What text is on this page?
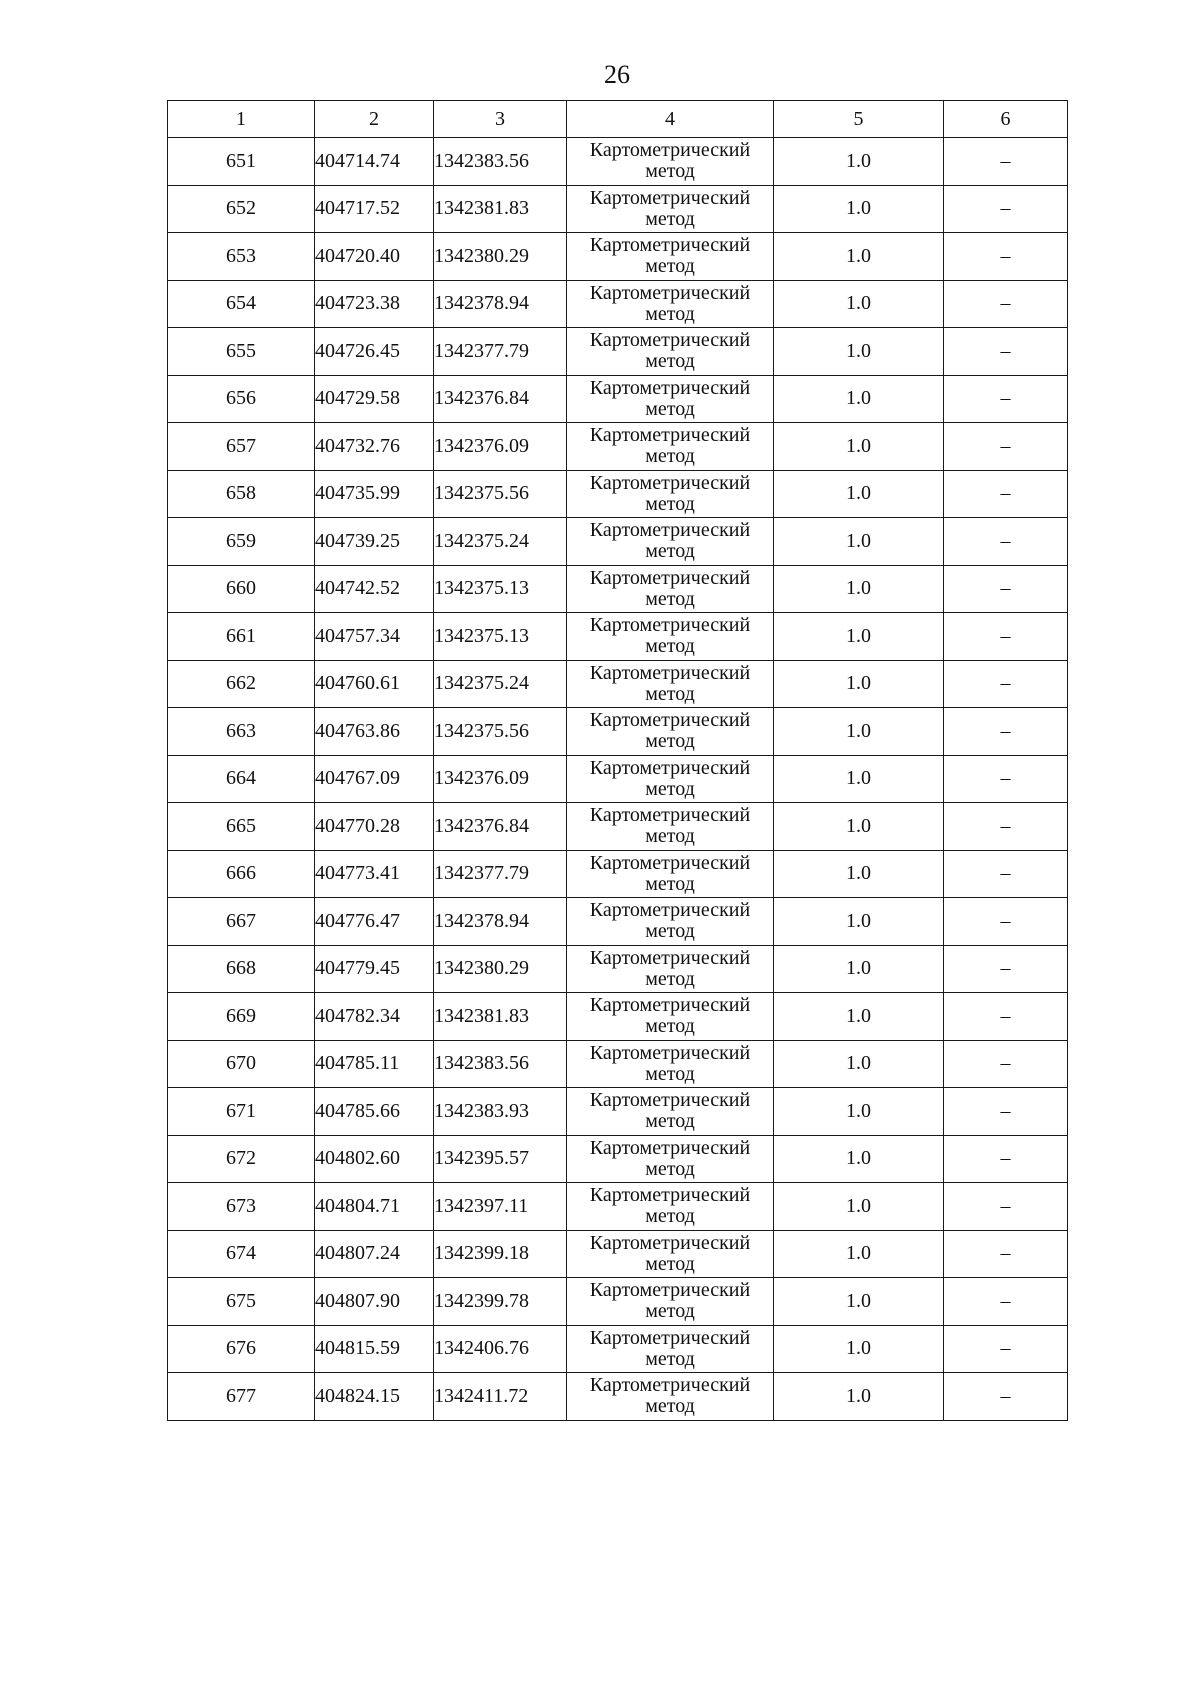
26
1	2	3	4	5	6
651	404714.74	1342383.56	Картометрический метод	1.0	–
652	404717.52	1342381.83	Картометрический метод	1.0	–
653	404720.40	1342380.29	Картометрический метод	1.0	–
654	404723.38	1342378.94	Картометрический метод	1.0	–
655	404726.45	1342377.79	Картометрический метод	1.0	–
656	404729.58	1342376.84	Картометрический метод	1.0	–
657	404732.76	1342376.09	Картометрический метод	1.0	–
658	404735.99	1342375.56	Картометрический метод	1.0	–
659	404739.25	1342375.24	Картометрический метод	1.0	–
660	404742.52	1342375.13	Картометрический метод	1.0	–
661	404757.34	1342375.13	Картометрический метод	1.0	–
662	404760.61	1342375.24	Картометрический метод	1.0	–
663	404763.86	1342375.56	Картометрический метод	1.0	–
664	404767.09	1342376.09	Картометрический метод	1.0	–
665	404770.28	1342376.84	Картометрический метод	1.0	–
666	404773.41	1342377.79	Картометрический метод	1.0	–
667	404776.47	1342378.94	Картометрический метод	1.0	–
668	404779.45	1342380.29	Картометрический метод	1.0	–
669	404782.34	1342381.83	Картометрический метод	1.0	–
670	404785.11	1342383.56	Картометрический метод	1.0	–
671	404785.66	1342383.93	Картометрический метод	1.0	–
672	404802.60	1342395.57	Картометрический метод	1.0	–
673	404804.71	1342397.11	Картометрический метод	1.0	–
674	404807.24	1342399.18	Картометрический метод	1.0	–
675	404807.90	1342399.78	Картометрический метод	1.0	–
676	404815.59	1342406.76	Картометрический метод	1.0	–
677	404824.15	1342411.72	Картометрический метод	1.0	–
